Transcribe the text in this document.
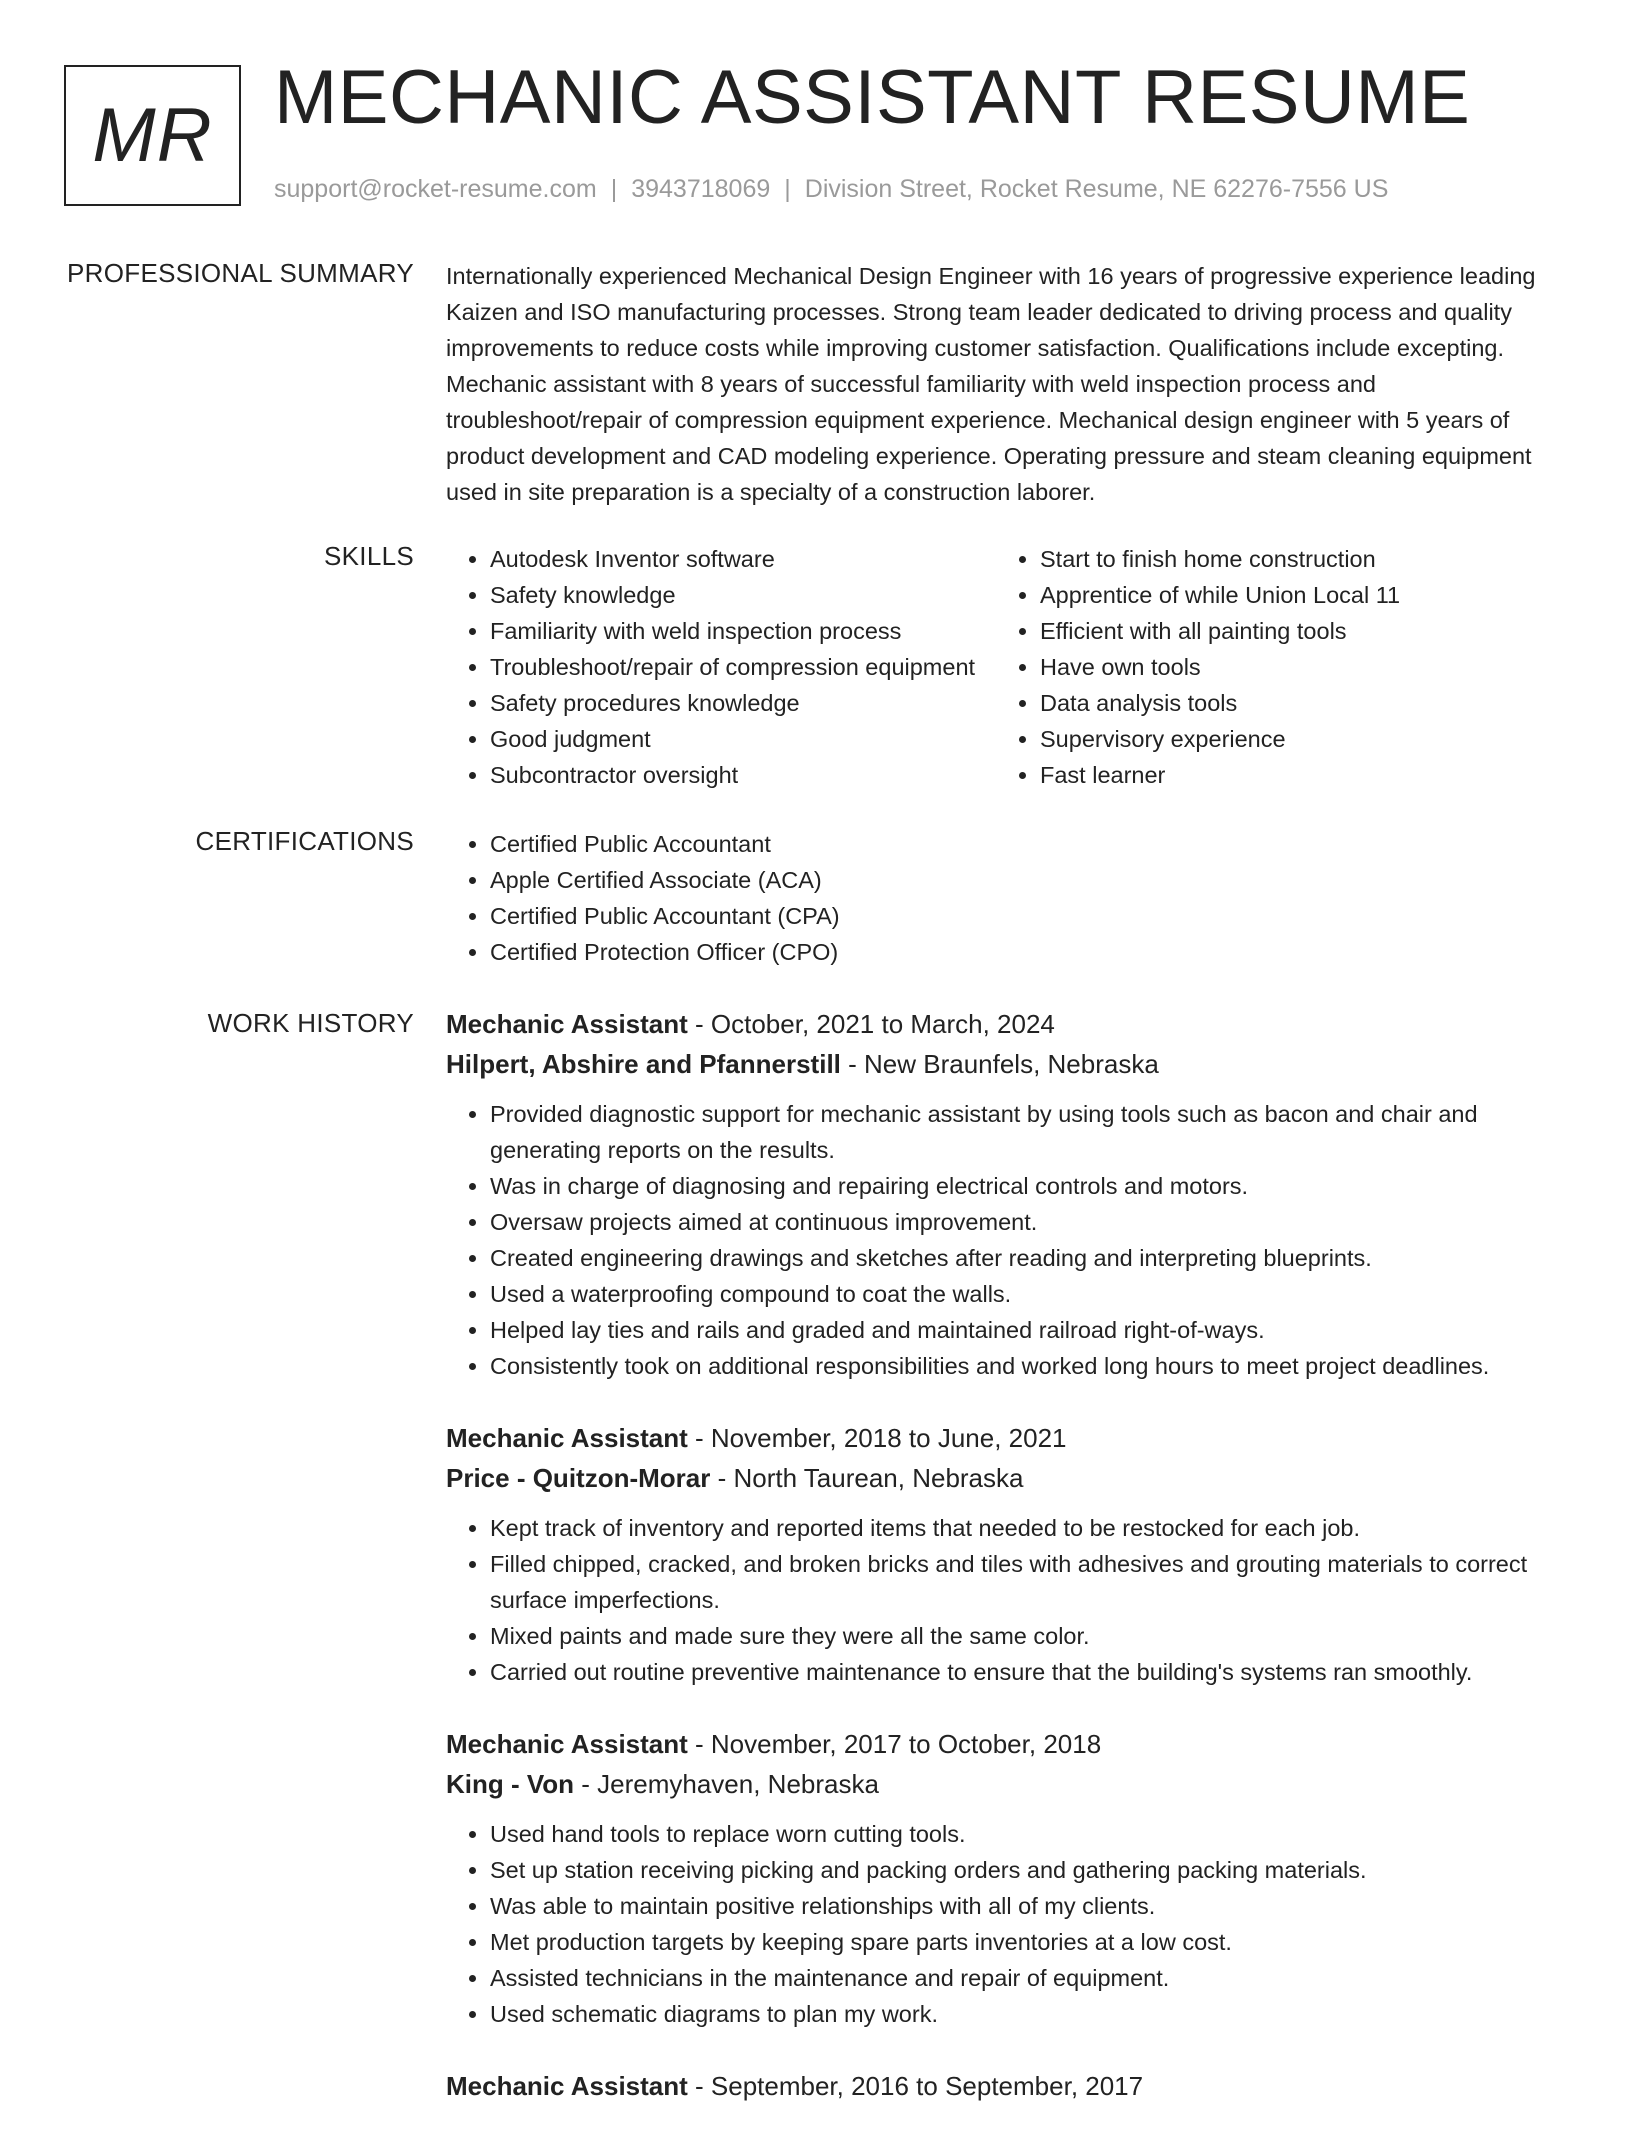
MR MECHANIC ASSISTANT RESUME
support@rocket-resume.com | 3943718069 | Division Street, Rocket Resume, NE 62276-7556 US
PROFESSIONAL SUMMARY Internationally experienced Mechanical Design Engineer with 16 years of progressive experience leading Kaizen and ISO manufacturing processes. Strong team leader dedicated to driving process and quality improvements to reduce costs while improving customer satisfaction. Qualifications include excepting. Mechanic assistant with 8 years of successful familiarity with weld inspection process and troubleshoot/repair of compression equipment experience. Mechanical design engineer with 5 years of product development and CAD modeling experience. Operating pressure and steam cleaning equipment used in site preparation is a specialty of a construction laborer.
SKILLS	• Autodesk Inventor software
• Safety knowledge
• Familiarity with weld inspection process
• Troubleshoot/repair of compression equipment
• Safety procedures knowledge
• Good judgment
• Subcontractor oversight
• Start to finish home construction
• Apprentice of while Union Local 11
• Efficient with all painting tools
• Have own tools
• Data analysis tools
• Supervisory experience
• Fast learner
CERTIFICATIONS	• Certified Public Accountant
• Apple Certified Associate (ACA)
• Certified Public Accountant (CPA)
• Certified Protection Officer (CPO)
WORK HISTORY Mechanic Assistant - October, 2021 to March, 2024
Hilpert, Abshire and Pfannerstill - New Braunfels, Nebraska
• Provided diagnostic support for mechanic assistant by using tools such as bacon and chair and generating reports on the results.
• Was in charge of diagnosing and repairing electrical controls and motors.
• Oversaw projects aimed at continuous improvement.
• Created engineering drawings and sketches after reading and interpreting blueprints.
• Used a waterproofing compound to coat the walls.
• Helped lay ties and rails and graded and maintained railroad right-of-ways.
• Consistently took on additional responsibilities and worked long hours to meet project deadlines.
Mechanic Assistant - November, 2018 to June, 2021
Price - Quitzon-Morar - North Taurean, Nebraska
• Kept track of inventory and reported items that needed to be restocked for each job.
• Filled chipped, cracked, and broken bricks and tiles with adhesives and grouting materials to correct surface imperfections.
• Mixed paints and made sure they were all the same color.
• Carried out routine preventive maintenance to ensure that the building's systems ran smoothly.
Mechanic Assistant - November, 2017 to October, 2018
King - Von - Jeremyhaven, Nebraska
• Used hand tools to replace worn cutting tools.
• Set up station receiving picking and packing orders and gathering packing materials.
• Was able to maintain positive relationships with all of my clients.
• Met production targets by keeping spare parts inventories at a low cost.
• Assisted technicians in the maintenance and repair of equipment.
• Used schematic diagrams to plan my work.
Mechanic Assistant - September, 2016 to September, 2017
